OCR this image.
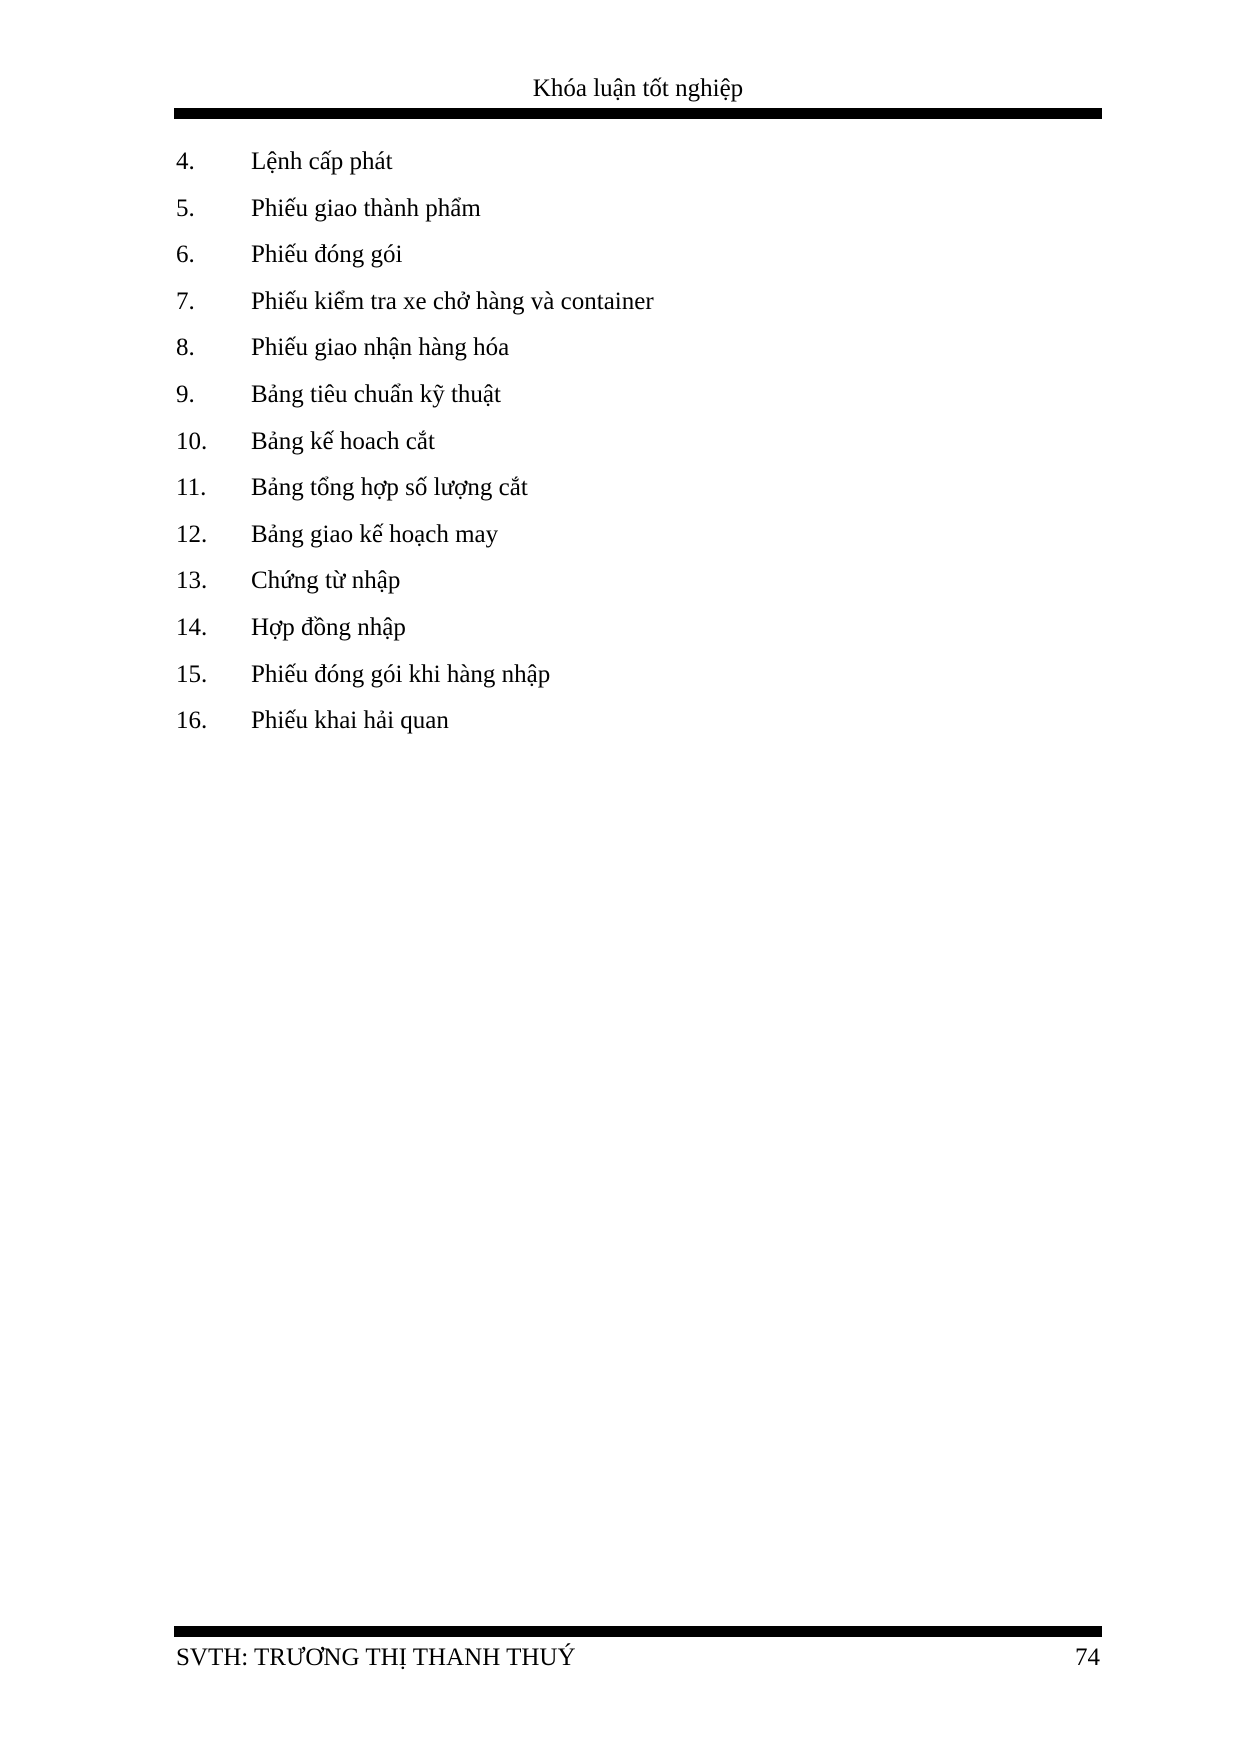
Khóa luận tốt nghiệp
4. Lệnh cấp phát
5. Phiếu giao thành phẩm
6. Phiếu đóng gói
7. Phiếu kiểm tra xe chở hàng và container
8. Phiếu giao nhận hàng hóa
9. Bảng tiêu chuẩn kỹ thuật
10. Bảng kế hoach cắt
11. Bảng tổng hợp số lượng cắt
12. Bảng giao kế hoạch may
13. Chứng từ nhập
14. Hợp đồng nhập
15. Phiếu đóng gói khi hàng nhập
16. Phiếu khai hải quan
SVTH: TRƯƠNG THỊ THANH THUÝ	74
